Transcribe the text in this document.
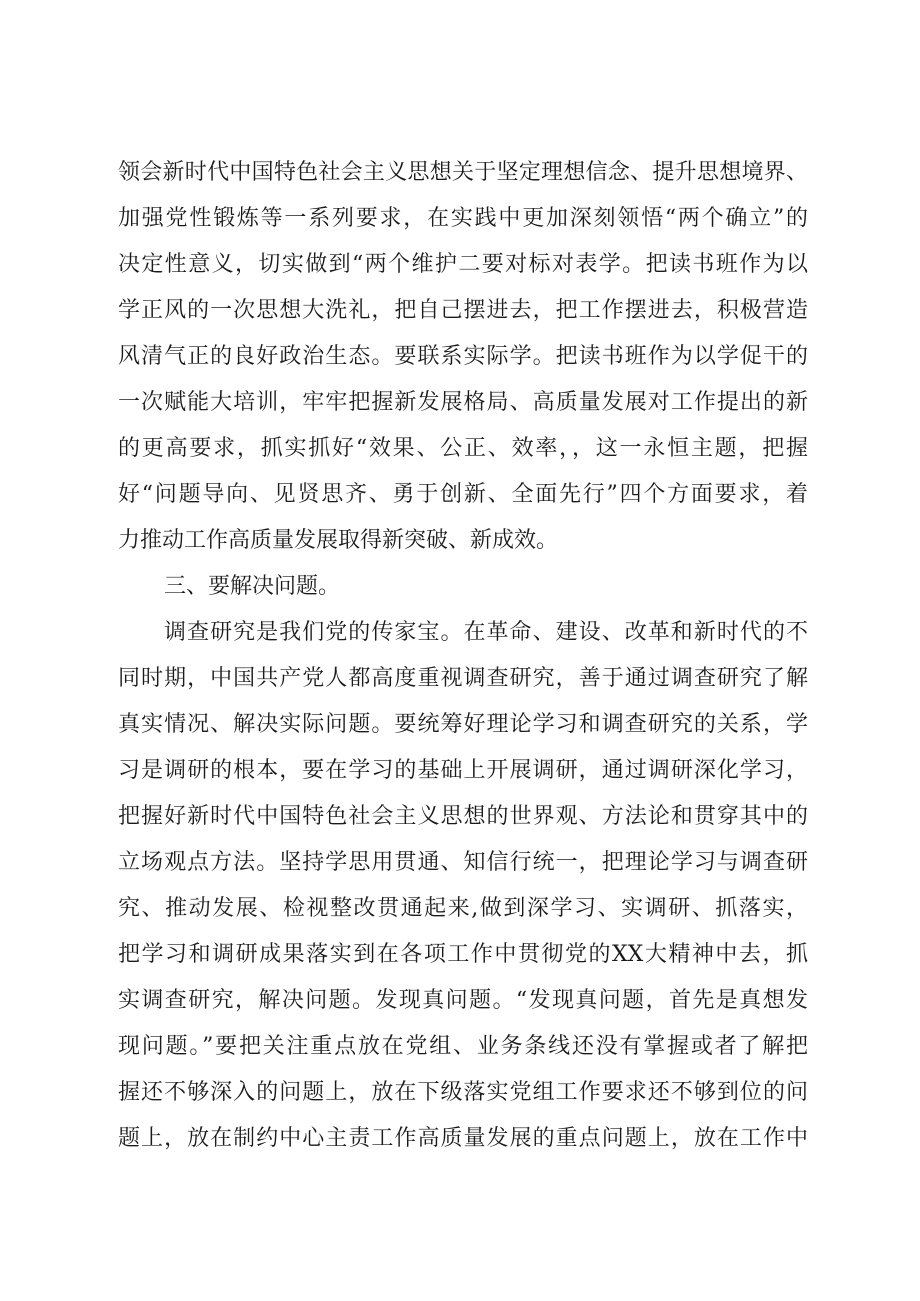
领会新时代中国特色社会主义思想关于坚定理想信念、提升思想境界、
加强党性锻炼等一系列要求，在实践中更加深刻领悟“两个确立”的
决定性意义，切实做到“两个维护二要对标对表学。把读书班作为以
学正风的一次思想大洗礼，把自己摆进去，把工作摆进去，积极营造
风清气正的良好政治生态。要联系实际学。把读书班作为以学促干的
一次赋能大培训，牢牢把握新发展格局、高质量发展对工作提出的新
的更高要求，抓实抓好“效果、公正、效率，，这一永恒主题，把握
好“问题导向、见贤思齐、勇于创新、全面先行”四个方面要求，着
力推动工作高质量发展取得新突破、新成效。
三、要解决问题。
调查研究是我们党的传家宝。在革命、建设、改革和新时代的不
同时期，中国共产党人都高度重视调查研究，善于通过调查研究了解
真实情况、解决实际问题。要统筹好理论学习和调查研究的关系，学
习是调研的根本，要在学习的基础上开展调研，通过调研深化学习，
把握好新时代中国特色社会主义思想的世界观、方法论和贯穿其中的
立场观点方法。坚持学思用贯通、知信行统一，把理论学习与调查研
究、推动发展、检视整改贯通起来,做到深学习、实调研、抓落实，
把学习和调研成果落实到在各项工作中贯彻党的XX大精神中去，抓
实调查研究，解决问题。发现真问题。“发现真问题，首先是真想发
现问题。”要把关注重点放在党组、业务条线还没有掌握或者了解把
握还不够深入的问题上，放在下级落实党组工作要求还不够到位的问
题上，放在制约中心主责工作高质量发展的重点问题上，放在工作中
